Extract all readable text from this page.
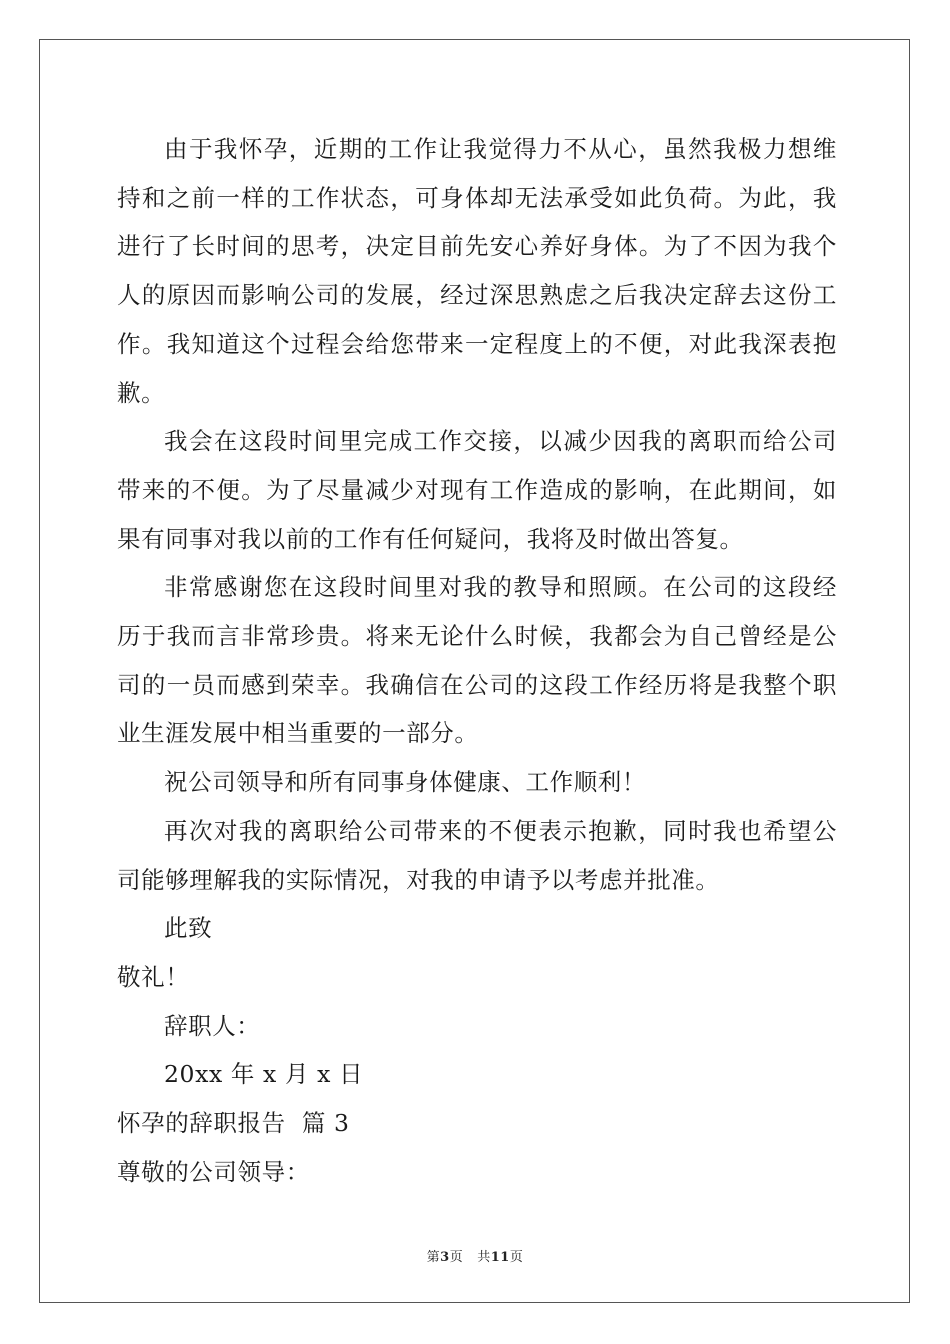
由于我怀孕，近期的工作让我觉得力不从心，虽然我极力想维持和之前一样的工作状态，可身体却无法承受如此负荷。为此，我进行了长时间的思考，决定目前先安心养好身体。为了不因为我个人的原因而影响公司的发展，经过深思熟虑之后我决定辞去这份工作。我知道这个过程会给您带来一定程度上的不便，对此我深表抱歉。

我会在这段时间里完成工作交接，以减少因我的离职而给公司带来的不便。为了尽量减少对现有工作造成的影响，在此期间，如果有同事对我以前的工作有任何疑问，我将及时做出答复。

非常感谢您在这段时间里对我的教导和照顾。在公司的这段经历于我而言非常珍贵。将来无论什么时候，我都会为自己曾经是公司的一员而感到荣幸。我确信在公司的这段工作经历将是我整个职业生涯发展中相当重要的一部分。

祝公司领导和所有同事身体健康、工作顺利！

再次对我的离职给公司带来的不便表示抱歉，同时我也希望公司能够理解我的实际情况，对我的申请予以考虑并批准。

此致

敬礼！

辞职人：

20xx 年 x 月 x 日

怀孕的辞职报告  篇 3

尊敬的公司领导：

第3页 共11页
